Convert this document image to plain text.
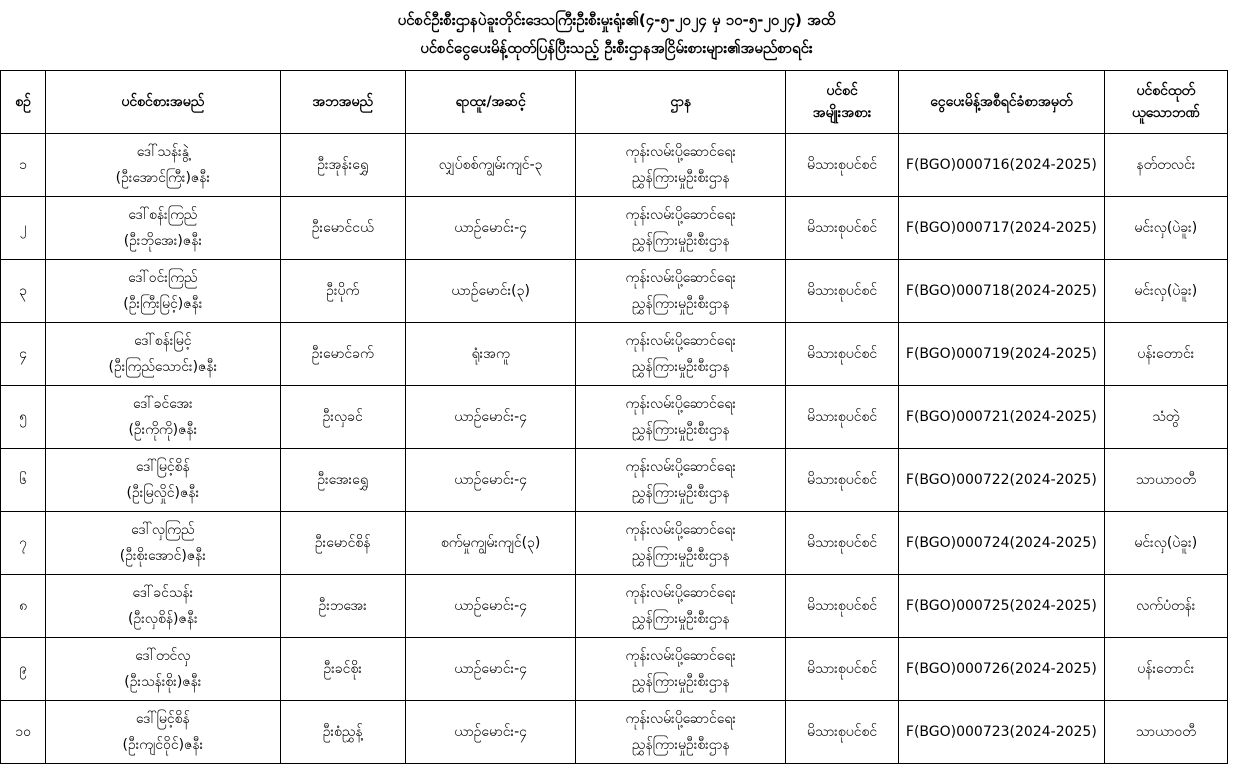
ပင်စင်ဦးစီးဌာနပဲခူးတိုင်းဒေသကြီးဦးစီးမှုးရုံး၏(၄-၅-၂၀၂၄ မှ ၁၀-၅-၂၀၂၄) အထိ
ပင်စင်ငွေပေးမိန့်ထုတ်ပြန်ပြီးသည့် ဦးစီးဌာနအငြိမ်းစားများ၏အမည်စာရင်း
စဉ်	ပင်စင်စားအမည်	အဘအမည်	ရာထူး/အဆင့်	ဌာန	ပင်စင်
အမျိုးအစား	ငွေပေးမိန့်အစီရင်ခံစာအမှတ်	ပင်စင်ထုတ်
ယူသောဘဏ်

၁	ဒေါ်သန်းနွဲ့
(ဦးအောင်ကြီး)ဇနီး	ဦးအုန်းရွှေ	လျှပ်စစ်ကျွမ်းကျင်-၃	ကုန်းလမ်းပို့ဆောင်ရေး
ညွှန်ကြားမှုဦးစီးဌာန	မိသားစုပင်စင်	F(BGO)000716(2024-2025)	နတ်တလင်း
၂	ဒေါ်စန်းကြည်
(ဦးဘိုအေး)ဇနီး	ဦးမောင်ငယ်	ယာဉ်မောင်း-၄	ကုန်းလမ်းပို့ဆောင်ရေး
ညွှန်ကြားမှုဦးစီးဌာန	မိသားစုပင်စင်	F(BGO)000717(2024-2025)	မင်းလှ(ပဲခူး)
၃	ဒေါ်ဝင်းကြည်
(ဦးကြီးမြင့်)ဇနီး	ဦးပိုက်	ယာဉ်မောင်း(၃)	ကုန်းလမ်းပို့ဆောင်ရေး
ညွှန်ကြားမှုဦးစီးဌာန	မိသားစုပင်စင်	F(BGO)000718(2024-2025)	မင်းလှ(ပဲခူး)
၄	ဒေါ်စန်းမြင့်
(ဦးကြည်သောင်း)ဇနီး	ဦးမောင်ခက်	ရုံးအကူ	ကုန်းလမ်းပို့ဆောင်ရေး
ညွှန်ကြားမှုဦးစီးဌာန	မိသားစုပင်စင်	F(BGO)000719(2024-2025)	ပန်းတောင်း
၅	ဒေါ်ခင်အေး
(ဦးကိုကို)ဇနီး	ဦးလှခင်	ယာဉ်မောင်း-၄	ကုန်းလမ်းပို့ဆောင်ရေး
ညွှန်ကြားမှုဦးစီးဌာန	မိသားစုပင်စင်	F(BGO)000721(2024-2025)	သံတွဲ
၆	ဒေါ်မြင့်စိန်
(ဦးမြလှိုင်)ဇနီး	ဦးအေးရွှေ	ယာဉ်မောင်း-၄	ကုန်းလမ်းပို့ဆောင်ရေး
ညွှန်ကြားမှုဦးစီးဌာန	မိသားစုပင်စင်	F(BGO)000722(2024-2025)	သာယာဝတီ
၇	ဒေါ်လှကြည်
(ဦးစိုးအောင်)ဇနီး	ဦးမောင်စိန်	စက်မှုကျွမ်းကျင်(၃)	ကုန်းလမ်းပို့ဆောင်ရေး
ညွှန်ကြားမှုဦးစီးဌာန	မိသားစုပင်စင်	F(BGO)000724(2024-2025)	မင်းလှ(ပဲခူး)
၈	ဒေါ်ခင်သန်း
(ဦးလှစိန်)ဇနီး	ဦးဘအေး	ယာဉ်မောင်း-၄	ကုန်းလမ်းပို့ဆောင်ရေး
ညွှန်ကြားမှုဦးစီးဌာန	မိသားစုပင်စင်	F(BGO)000725(2024-2025)	လက်ပံတန်း
၉	ဒေါ်တင်လှ
(ဦးသန်းစိုး)ဇနီး	ဦးခင်စိုး	ယာဉ်မောင်း-၄	ကုန်းလမ်းပို့ဆောင်ရေး
ညွှန်ကြားမှုဦးစီးဌာန	မိသားစုပင်စင်	F(BGO)000726(2024-2025)	ပန်းတောင်း
၁၀	ဒေါ်မြင့်စိန်
(ဦးကျင်ဝိုင်)ဇနီး	ဦးစံညွှန့်	ယာဉ်မောင်း-၄	ကုန်းလမ်းပို့ဆောင်ရေး
ညွှန်ကြားမှုဦးစီးဌာန	မိသားစုပင်စင်	F(BGO)000723(2024-2025)	သာယာဝတီ
